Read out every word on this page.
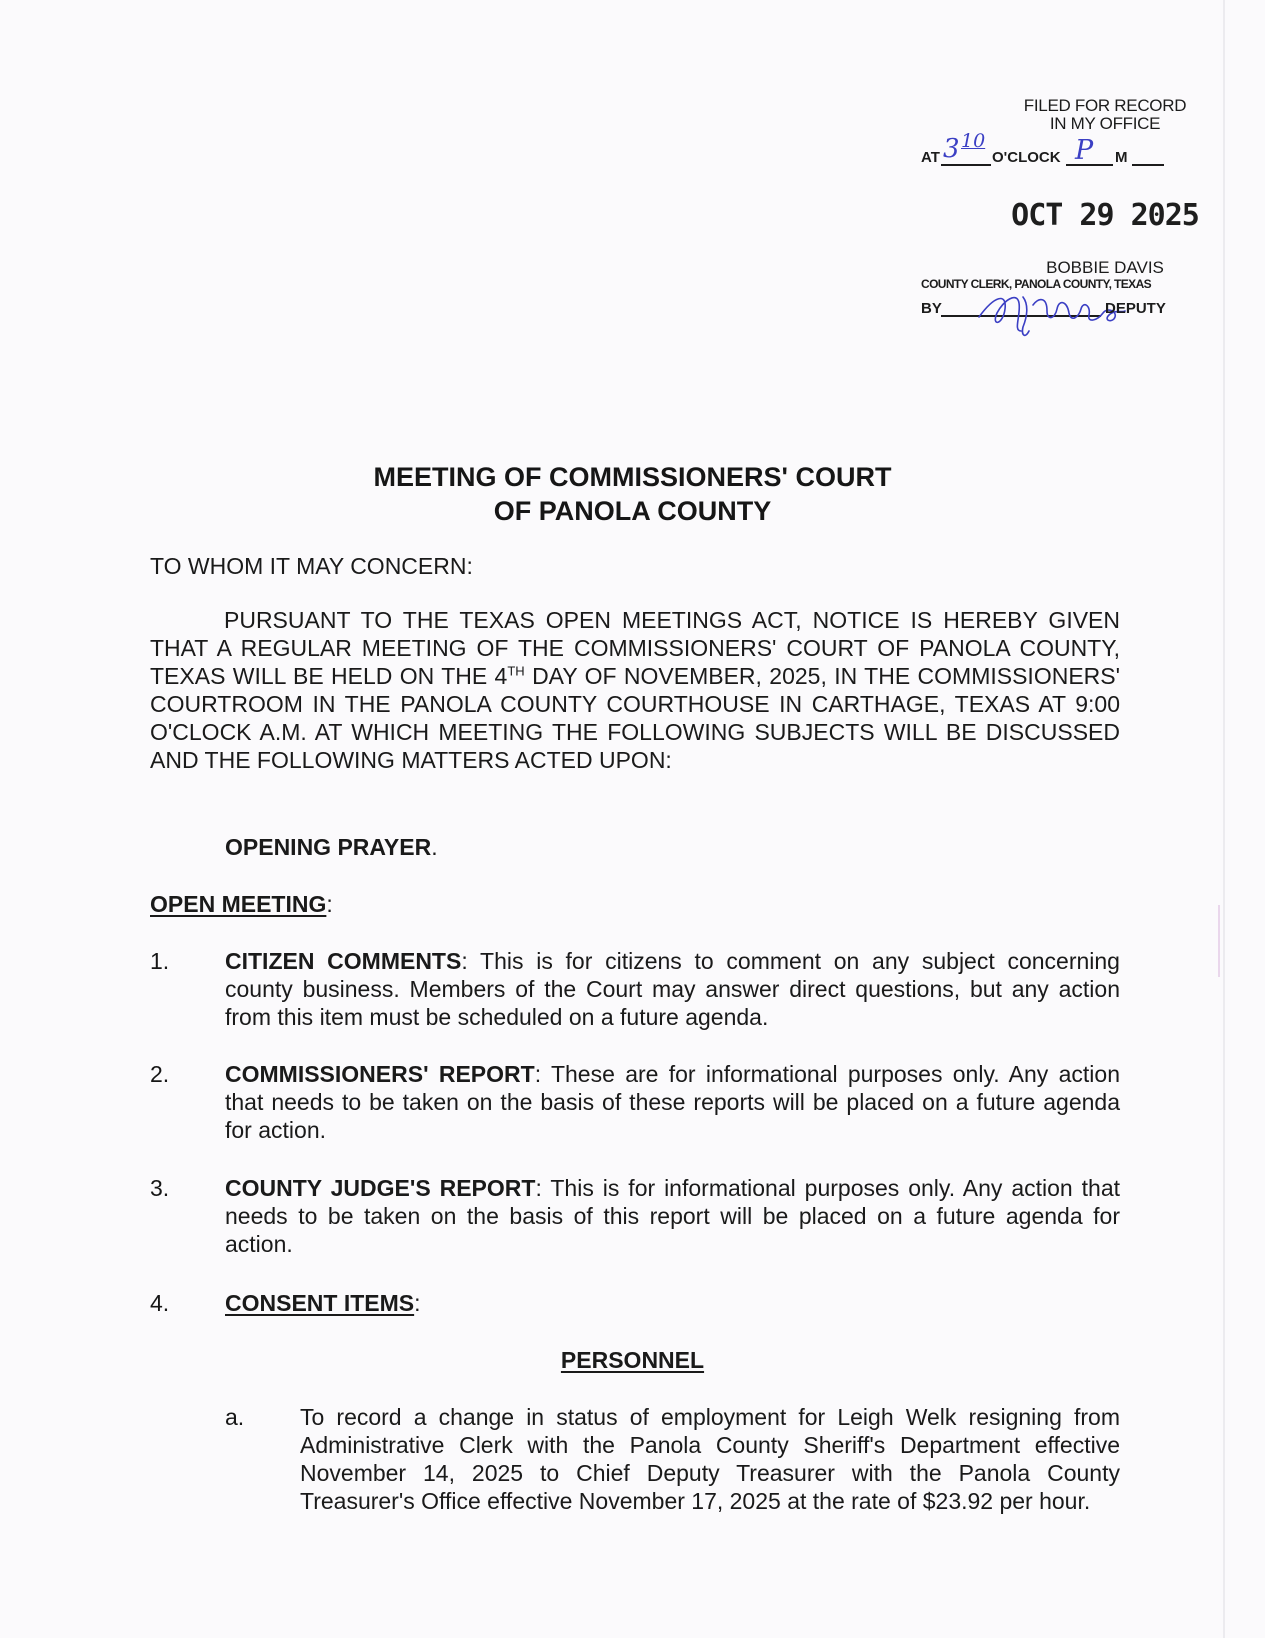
FILED FOR RECORD
IN MY OFFICE
AT 3 10
O'CLOCK P M
OCT 29 2025
BOBBIE DAVIS
COUNTY CLERK, PANOLA COUNTY, TEXAS
BY	DEPUTY
MEETING OF COMMISSIONERS' COURT
OF PANOLA COUNTY
TO WHOM IT MAY CONCERN:
PURSUANT TO THE TEXAS OPEN MEETINGS ACT, NOTICE IS HEREBY GIVEN THAT A REGULAR MEETING OF THE COMMISSIONERS' COURT OF PANOLA COUNTY, TEXAS WILL BE HELD ON THE 4TH DAY OF NOVEMBER, 2025, IN THE COMMISSIONERS' COURTROOM IN THE PANOLA COUNTY COURTHOUSE IN CARTHAGE, TEXAS AT 9:00 O'CLOCK A.M. AT WHICH MEETING THE FOLLOWING SUBJECTS WILL BE DISCUSSED AND THE FOLLOWING MATTERS ACTED UPON:
OPENING PRAYER.
OPEN MEETING:
1. CITIZEN COMMENTS: This is for citizens to comment on any subject concerning county business. Members of the Court may answer direct questions, but any action from this item must be scheduled on a future agenda.
2. COMMISSIONERS' REPORT: These are for informational purposes only. Any action that needs to be taken on the basis of these reports will be placed on a future agenda for action.
3. COUNTY JUDGE'S REPORT: This is for informational purposes only. Any action that needs to be taken on the basis of this report will be placed on a future agenda for action.
4. CONSENT ITEMS:
PERSONNEL
a. To record a change in status of employment for Leigh Welk resigning from Administrative Clerk with the Panola County Sheriff's Department effective November 14, 2025 to Chief Deputy Treasurer with the Panola County Treasurer's Office effective November 17, 2025 at the rate of $23.92 per hour.
